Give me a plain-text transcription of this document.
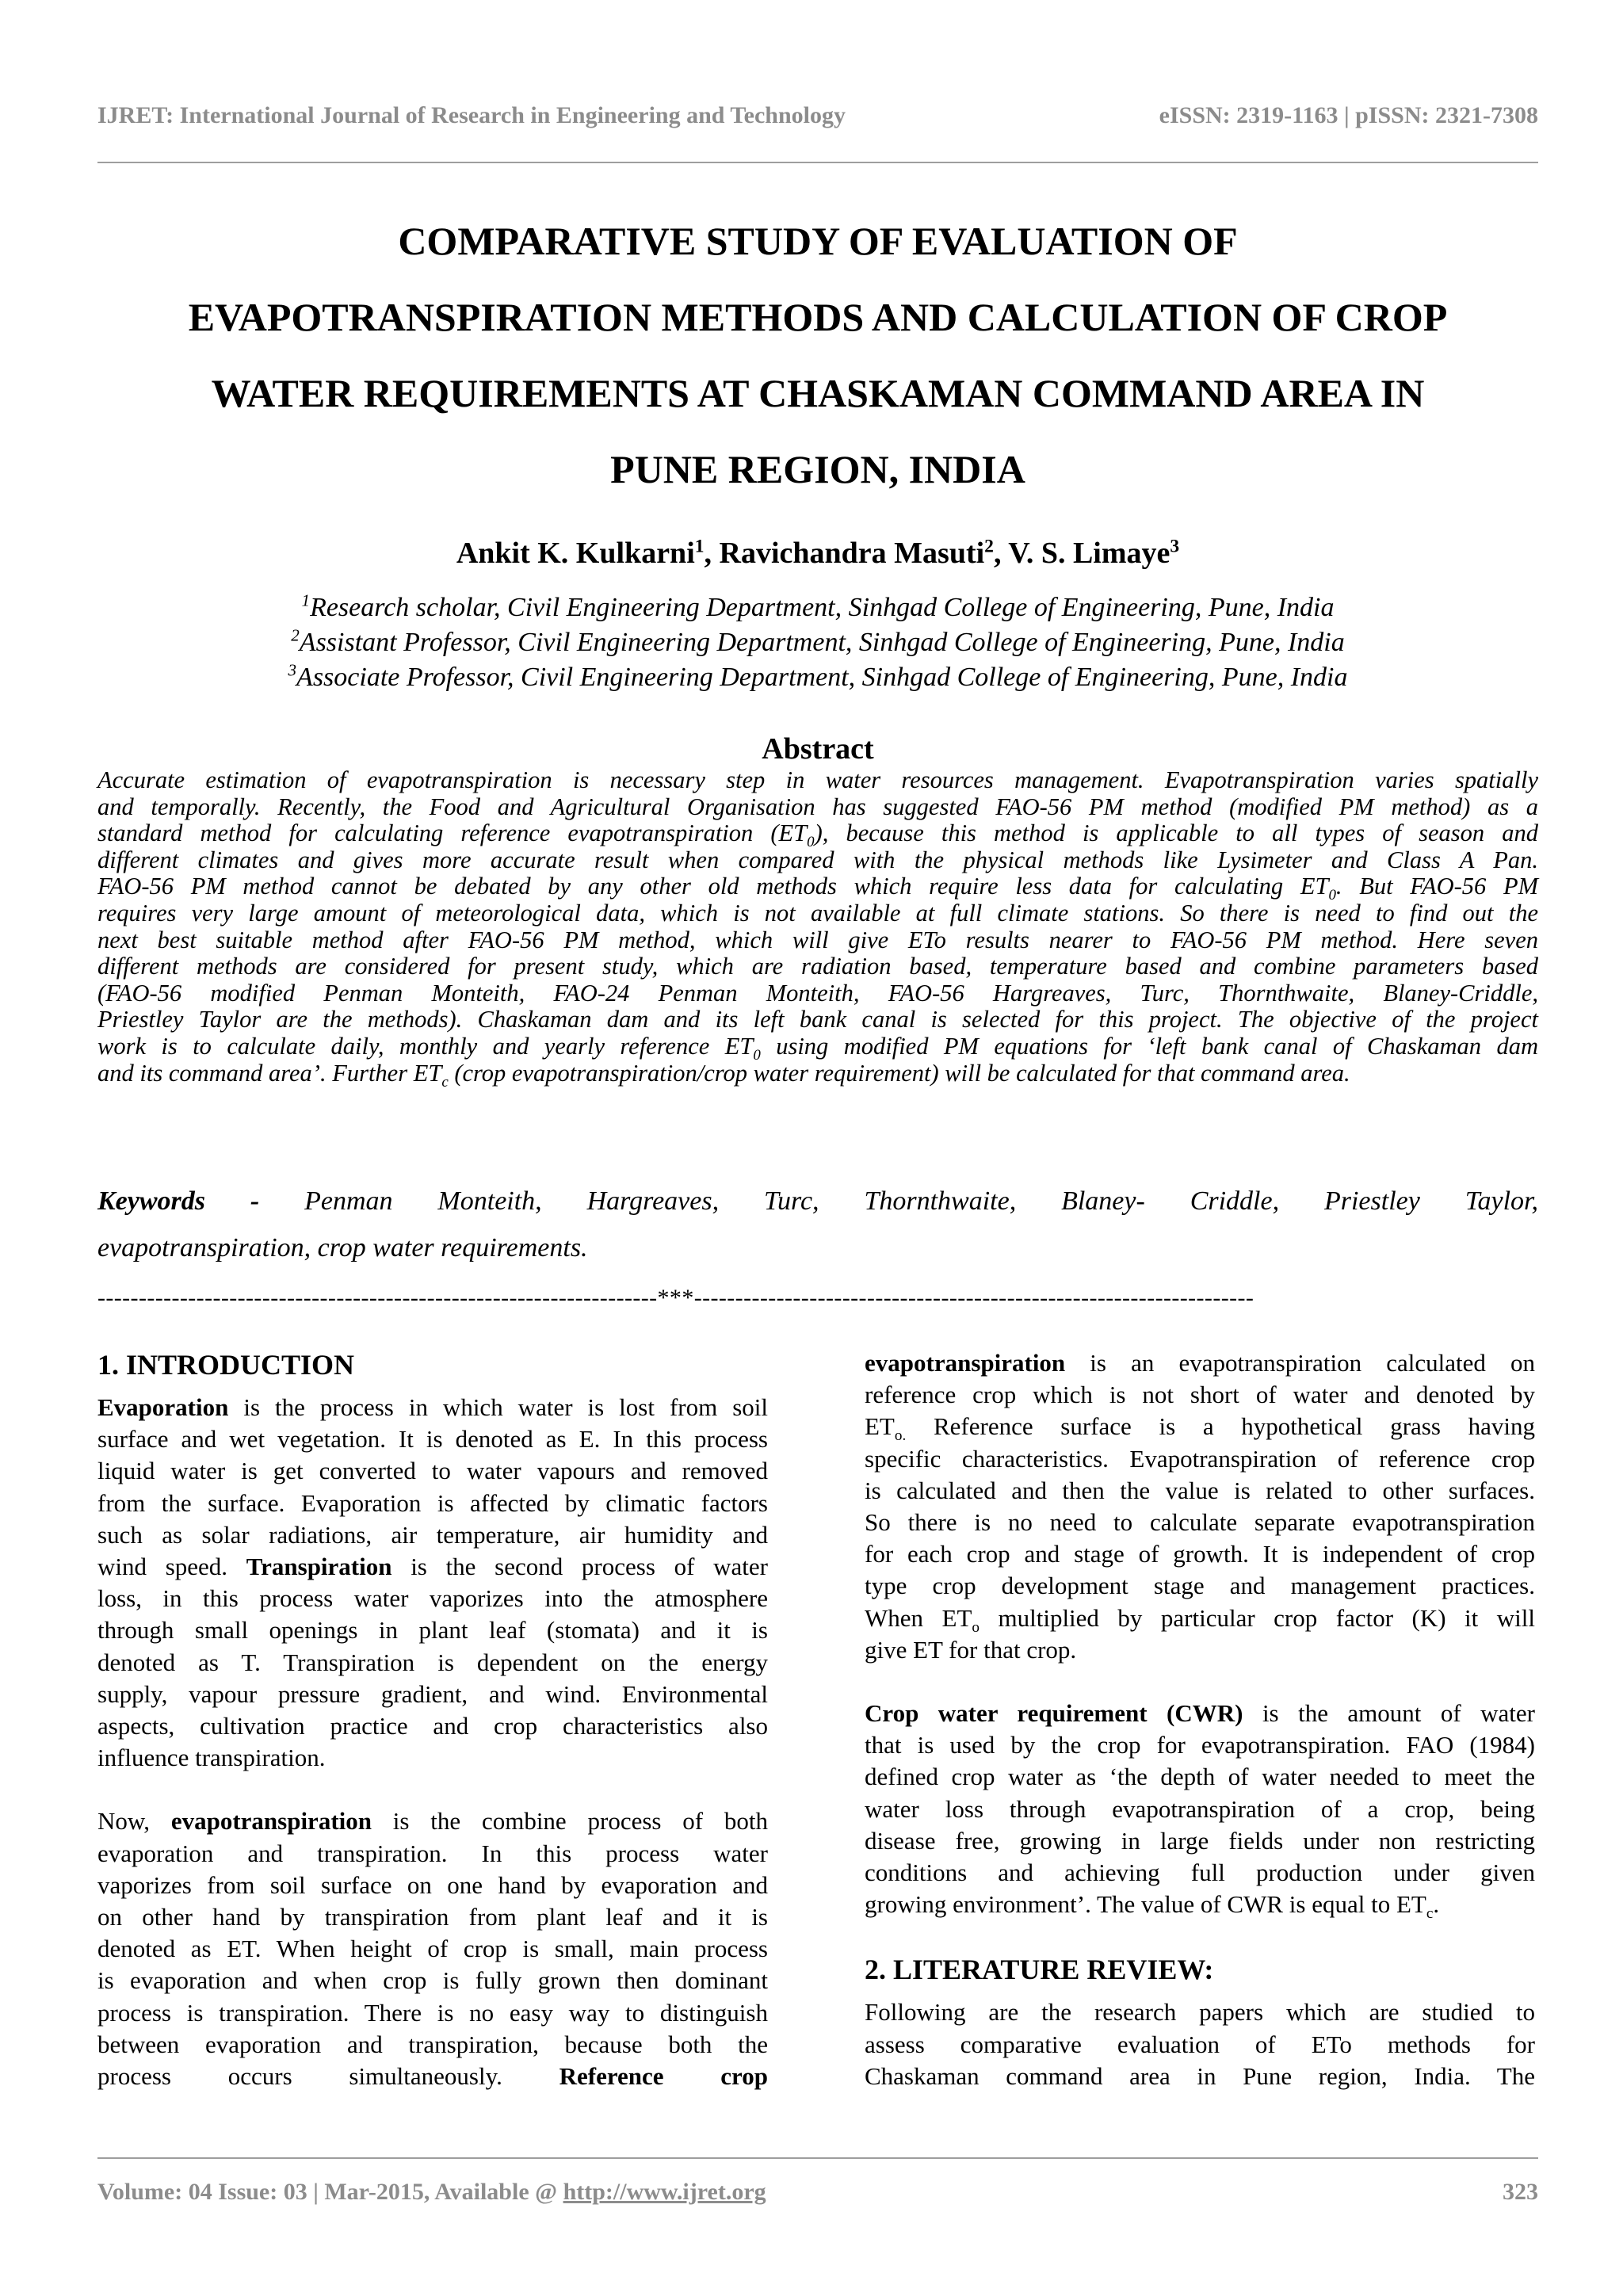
IJRET: International Journal of Research in Engineering and Technology	eISSN: 2319-1163 | pISSN: 2321-7308
COMPARATIVE STUDY OF EVALUATION OF
EVAPOTRANSPIRATION METHODS AND CALCULATION OF CROP
WATER REQUIREMENTS AT CHASKAMAN COMMAND AREA IN
PUNE REGION, INDIA
Ankit K. Kulkarni$^1$, Ravichandra Masuti$^2$, V. S. Limaye$^3$
$^1$Research scholar, Civil Engineering Department, Sinhgad College of Engineering, Pune, India
$^2$Assistant Professor, Civil Engineering Department, Sinhgad College of Engineering, Pune, India
$^3$Associate Professor, Civil Engineering Department, Sinhgad College of Engineering, Pune, India
Abstract
Accurate estimation of evapotranspiration is necessary step in water resources management. Evapotranspiration varies spatially
and temporally. Recently, the Food and Agricultural Organisation has suggested FAO-56 PM method (modified PM method) as a
standard method for calculating reference evapotranspiration $(ET_0)$, because this method is applicable to all types of season and
different climates and gives more accurate result when compared with the physical methods like Lysimeter and Class A Pan.
FAO-56 PM method cannot be debated by any other old methods which require less data for calculating $ET_0$. But FAO-56 PM
requires very large amount of meteorological data, which is not available at full climate stations. So there is need to find out the
next best suitable method after FAO-56 PM method, which will give ETo results nearer to FAO-56 PM method. Here seven
different methods are considered for present study, which are radiation based, temperature based and combine parameters based
(FAO-56 modified Penman Monteith, FAO-24 Penman Monteith, FAO-56 Hargreaves, Turc, Thornthwaite, Blaney-Criddle,
Priestley Taylor are the methods). Chaskaman dam and its left bank canal is selected for this project. The objective of the project
work is to calculate daily, monthly and yearly reference $ET_0$ using modified PM equations for ‘left bank canal of Chaskaman dam
and its command area’. Further $ET_c$ (crop evapotranspiration/crop water requirement) will be calculated for that command area.
Keywords - Penman Monteith, Hargreaves, Turc, Thornthwaite, Blaney- Criddle, Priestley Taylor,
evapotranspiration, crop water requirements.
--------------------------------------------------------------------***--------------------------------------------------------------------
1. INTRODUCTION
Evaporation is the process in which water is lost from soil
surface and wet vegetation. It is denoted as E. In this process
liquid water is get converted to water vapours and removed
from the surface. Evaporation is affected by climatic factors
such as solar radiations, air temperature, air humidity and
wind speed. Transpiration is the second process of water
loss, in this process water vaporizes into the atmosphere
through small openings in plant leaf (stomata) and it is
denoted as T. Transpiration is dependent on the energy
supply, vapour pressure gradient, and wind. Environmental
aspects, cultivation practice and crop characteristics also
influence transpiration.
Now, evapotranspiration is the combine process of both
evaporation and transpiration. In this process water
vaporizes from soil surface on one hand by evaporation and
on other hand by transpiration from plant leaf and it is
denoted as ET. When height of crop is small, main process
is evaporation and when crop is fully grown then dominant
process is transpiration. There is no easy way to distinguish
between evaporation and transpiration, because both the
process occurs simultaneously. Reference crop
evapotranspiration is an evapotranspiration calculated on
reference crop which is not short of water and denoted by
$ET_{o.}$ Reference surface is a hypothetical grass having
specific characteristics. Evapotranspiration of reference crop
is calculated and then the value is related to other surfaces.
So there is no need to calculate separate evapotranspiration
for each crop and stage of growth. It is independent of crop
type crop development stage and management practices.
When $ET_o$ multiplied by particular crop factor (K) it will
give ET for that crop.
Crop water requirement (CWR) is the amount of water
that is used by the crop for evapotranspiration. FAO (1984)
defined crop water as ‘the depth of water needed to meet the
water loss through evapotranspiration of a crop, being
disease free, growing in large fields under non restricting
conditions and achieving full production under given
growing environment’. The value of CWR is equal to $ET_c$.
2. LITERATURE REVIEW:
Following are the research papers which are studied to
assess comparative evaluation of ETo methods for
Chaskaman command area in Pune region, India. The
Volume: 04 Issue: 03 | Mar-2015, Available @ http://www.ijret.org	323
